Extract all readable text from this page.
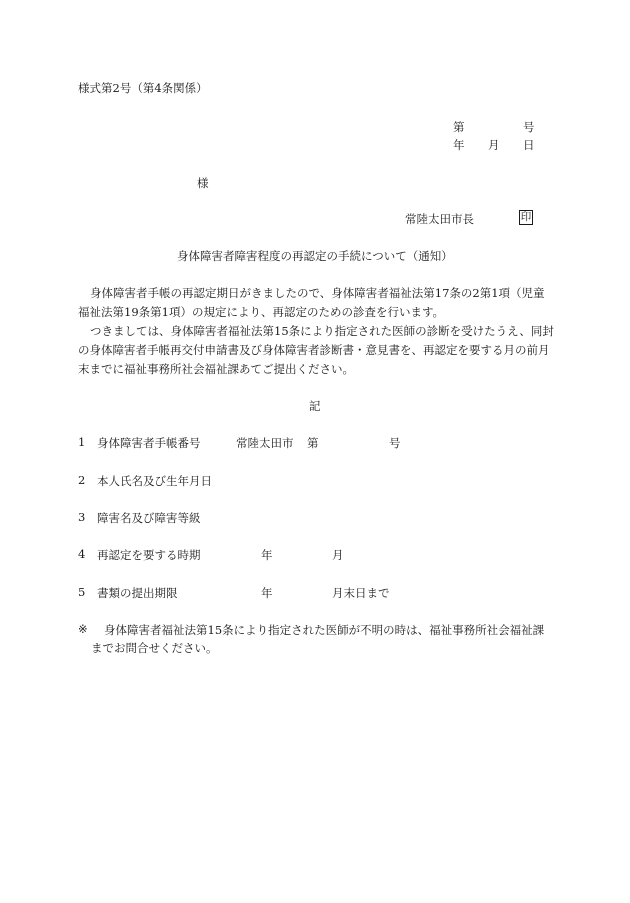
様式第2号（第4条関係）
第	号
年 月 日
様
常陸太田市長	印
身体障害者障害程度の再認定の手続について（通知）
身体障害者手帳の再認定期日がきましたので、身体障害者福祉法第17条の2第1項（児童福祉法第19条第1項）の規定により、再認定のための診査を行います。
つきましては、身体障害者福祉法第15条により指定された医師の診断を受けたうえ、同封の身体障害者手帳再交付申請書及び身体障害者診断書・意見書を、再認定を要する月の前月末までに福祉事務所社会福祉課あてご提出ください。
記
1 身体障害者手帳番号	常陸太田市 第	号
2 本人氏名及び生年月日
3 障害名及び障害等級
4 再認定を要する時期	年	月
5 書類の提出期限	年	月末日まで
※ 身体障害者福祉法第15条により指定された医師が不明の時は、福祉事務所社会福祉課
までお問合せください。
